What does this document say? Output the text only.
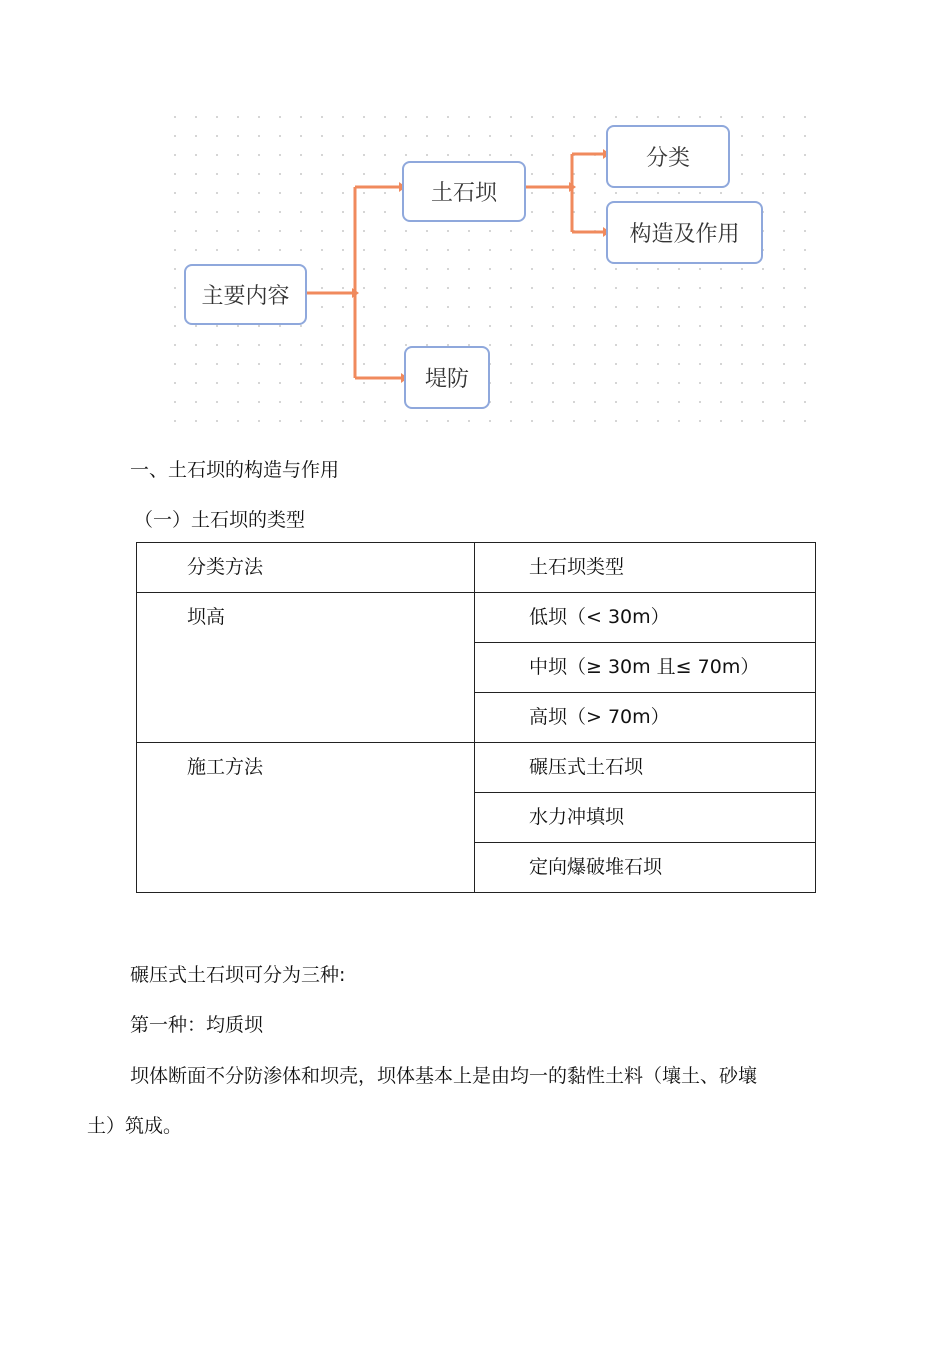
主要内容
土石坝
堤防
分类
构造及作用
一、土石坝的构造与作用
（一）土石坝的类型
分类方法	土石坝类型

坝高	低坝（< 30m）

	中坝（≥ 30m 且≤ 70m）

	高坝（> 70m）

施工方法	碾压式土石坝

	水力冲填坝

	定向爆破堆石坝
碾压式土石坝可分为三种:
第一种：均质坝
坝体断面不分防渗体和坝壳，坝体基本上是由均一的黏性土料（壤土、砂壤
土）筑成。
